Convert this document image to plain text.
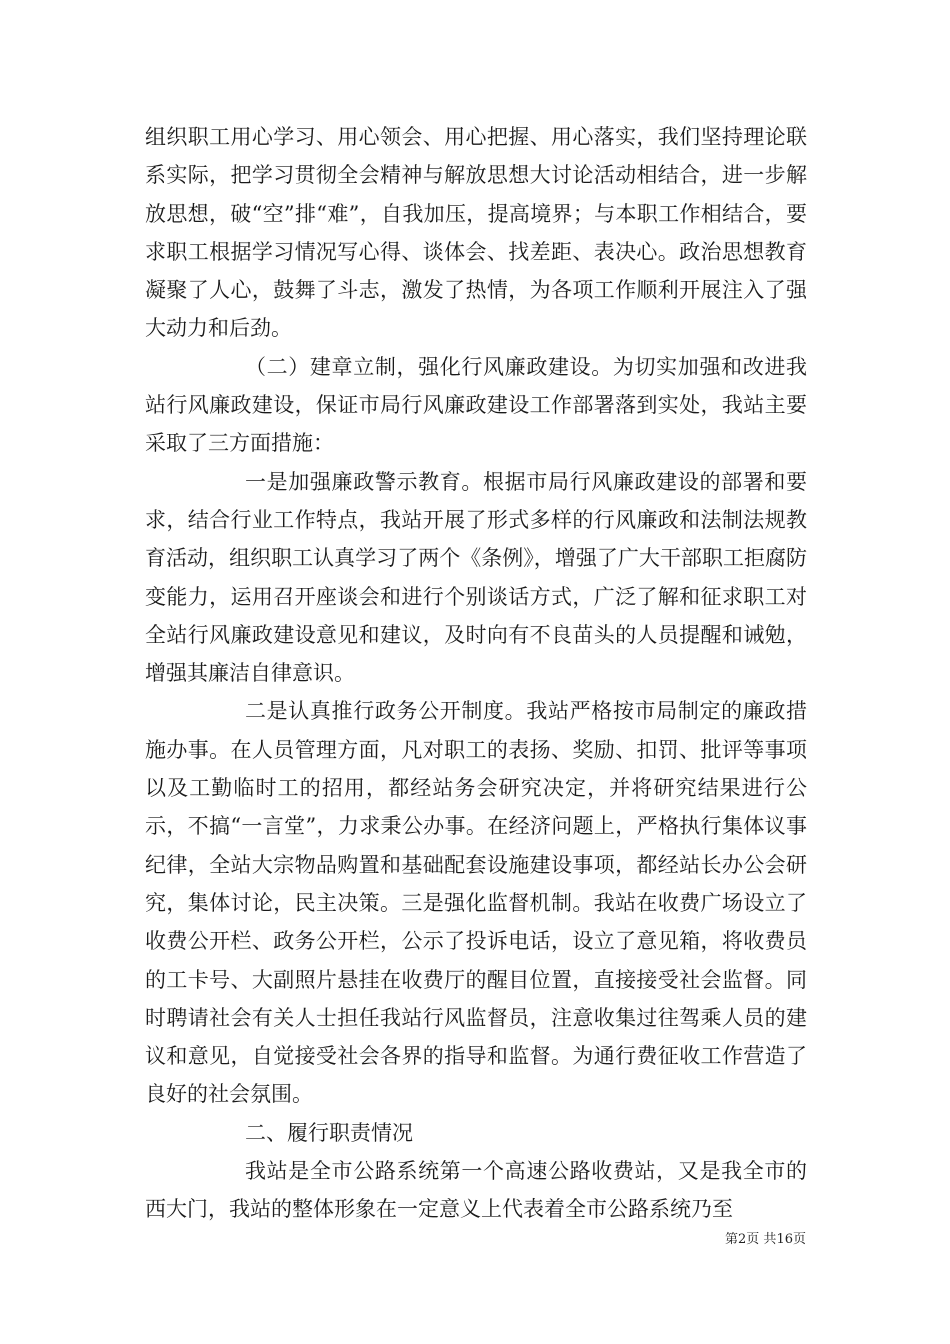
组织职工用心学习、用心领会、用心把握、用心落实，我们坚持理论联系实际，把学习贯彻全会精神与解放思想大讨论活动相结合，进一步解放思想，破“空”排“难”，自我加压，提高境界；与本职工作相结合，要求职工根据学习情况写心得、谈体会、找差距、表决心。政治思想教育凝聚了人心，鼓舞了斗志，激发了热情，为各项工作顺利开展注入了强大动力和后劲。

（二）建章立制，强化行风廉政建设。为切实加强和改进我站行风廉政建设，保证市局行风廉政建设工作部署落到实处，我站主要采取了三方面措施：

一是加强廉政警示教育。根据市局行风廉政建设的部署和要求，结合行业工作特点，我站开展了形式多样的行风廉政和法制法规教育活动，组织职工认真学习了两个《条例》，增强了广大干部职工拒腐防变能力，运用召开座谈会和进行个别谈话方式，广泛了解和征求职工对全站行风廉政建设意见和建议，及时向有不良苗头的人员提醒和诫勉，增强其廉洁自律意识。

二是认真推行政务公开制度。我站严格按市局制定的廉政措施办事。在人员管理方面，凡对职工的表扬、奖励、扣罚、批评等事项以及工勤临时工的招用，都经站务会研究决定，并将研究结果进行公示，不搞“一言堂”，力求秉公办事。在经济问题上，严格执行集体议事纪律，全站大宗物品购置和基础配套设施建设事项，都经站长办公会研究，集体讨论，民主决策。三是强化监督机制。我站在收费广场设立了收费公开栏、政务公开栏，公示了投诉电话，设立了意见箱，将收费员的工卡号、大副照片悬挂在收费厅的醒目位置，直接接受社会监督。同时聘请社会有关人士担任我站行风监督员，注意收集过往驾乘人员的建议和意见，自觉接受社会各界的指导和监督。为通行费征收工作营造了良好的社会氛围。

二、履行职责情况

我站是全市公路系统第一个高速公路收费站，又是我全市的西大门，我站的整体形象在一定意义上代表着全市公路系统乃至

第2页 共16页
